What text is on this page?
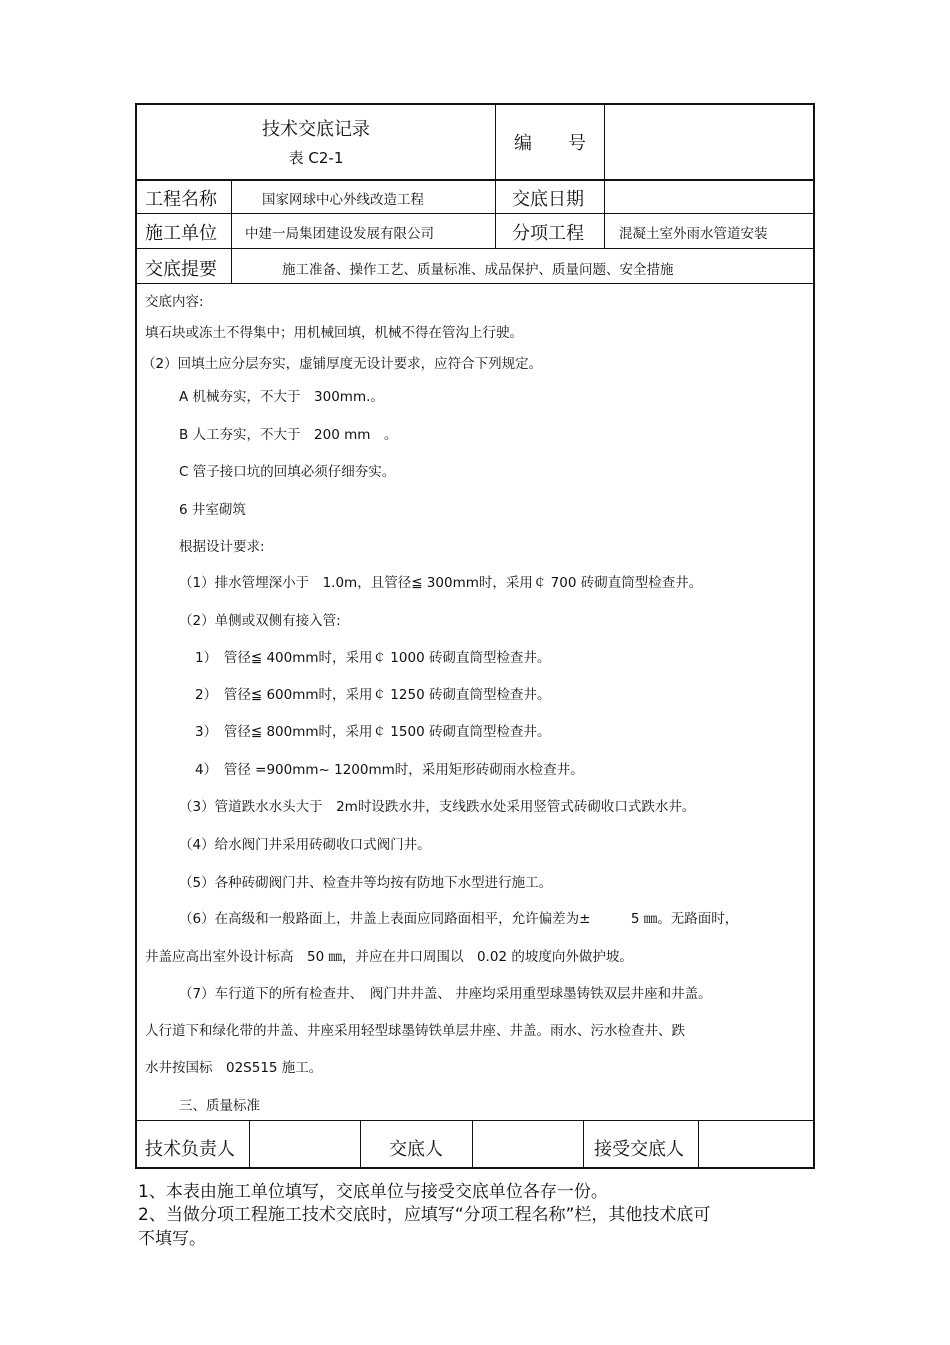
技术交底记录
表 C2-1
编　　号
工程名称	国家网球中心外线改造工程	交底日期
施工单位 中建一局集团建设发展有限公司	分项工程	混凝土室外雨水管道安装
交底提要	施工准备、操作工艺、质量标准、成品保护、质量问题、安全措施
交底内容:
填石块或冻土不得集中；用机械回填，机械不得在管沟上行驶。
（2）回填土应分层夯实，虚铺厚度无设计要求，应符合下列规定。
A 机械夯实，不大于　300mm.。
B 人工夯实，不大于　200 mm　。
C 管子接口坑的回填必须仔细夯实。
6 井室砌筑
根据设计要求:
（1）排水管埋深小于　1.0m，且管径≦ 300mm时，采用￠ 700 砖砌直筒型检查井。
（2）单侧或双侧有接入管:
1）　管径≦ 400mm时，采用￠ 1000 砖砌直筒型检查井。
2）　管径≦ 600mm时，采用￠ 1250 砖砌直筒型检查井。
3）　管径≦ 800mm时，采用￠ 1500 砖砌直筒型检查井。
4）　管径 =900mm~ 1200mm时，采用矩形砖砌雨水检查井。
（3）管道跌水水头大于　2m时设跌水井，支线跌水处采用竖管式砖砌收口式跌水井。
（4）给水阀门井采用砖砌收口式阀门井。
（5）各种砖砌阀门井、检查井等均按有防地下水型进行施工。
（6）在高级和一般路面上，井盖上表面应同路面相平，允许偏差为±　　　5 ㎜。无路面时，
井盖应高出室外设计标高　50 ㎜，并应在井口周围以　0.02 的坡度向外做护坡。
（7）车行道下的所有检查井、　阀门井井盖、 井座均采用重型球墨铸铁双层井座和井盖。
人行道下和绿化带的井盖、井座采用轻型球墨铸铁单层井座、井盖。雨水、污水检查井、跌
水井按国标　02S515 施工。
三、质量标准
技术负责人	交底人	接受交底人
1、本表由施工单位填写，交底单位与接受交底单位各存一份。
2、当做分项工程施工技术交底时，应填写“分项工程名称”栏，其他技术底可
不填写。
